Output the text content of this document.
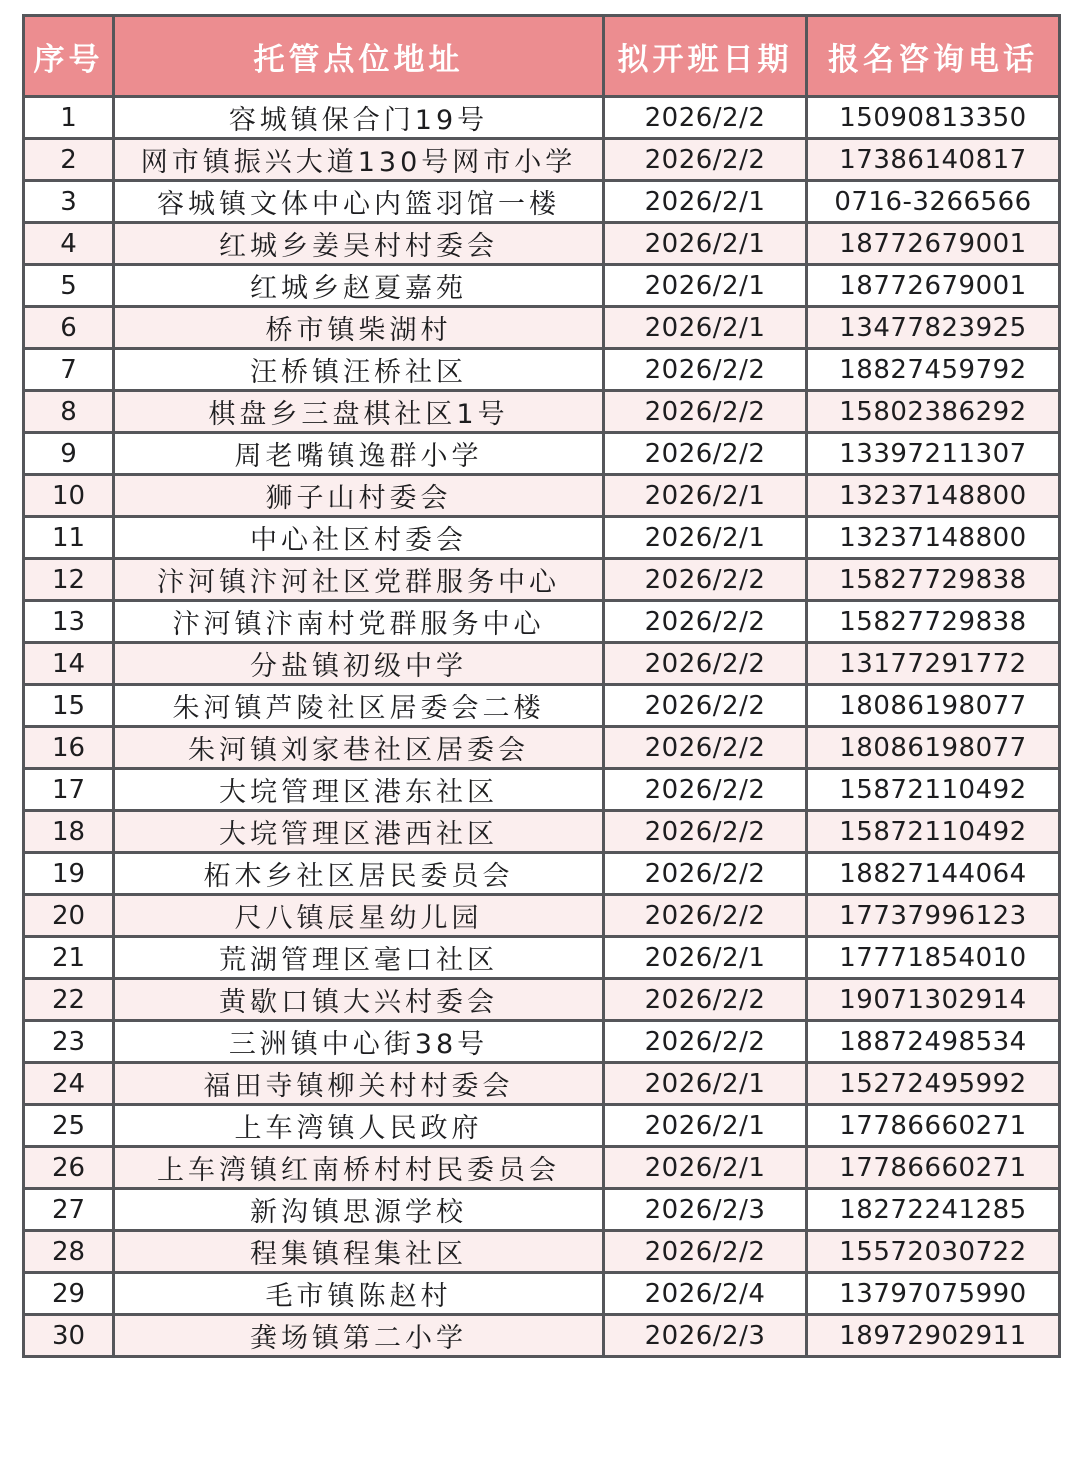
序号	托管点位地址	拟开班日期	报名咨询电话
1	容城镇保合门19号	2026/2/2	15090813350
2	网市镇振兴大道130号网市小学	2026/2/2	17386140817
3	容城镇文体中心内篮羽馆一楼	2026/2/1	0716-3266566
4	红城乡姜吴村村委会	2026/2/1	18772679001
5	红城乡赵夏嘉苑	2026/2/1	18772679001
6	桥市镇柴湖村	2026/2/1	13477823925
7	汪桥镇汪桥社区	2026/2/2	18827459792
8	棋盘乡三盘棋社区1号	2026/2/2	15802386292
9	周老嘴镇逸群小学	2026/2/2	13397211307
10	狮子山村委会	2026/2/1	13237148800
11	中心社区村委会	2026/2/1	13237148800
12	汴河镇汴河社区党群服务中心	2026/2/2	15827729838
13	汴河镇汴南村党群服务中心	2026/2/2	15827729838
14	分盐镇初级中学	2026/2/2	13177291772
15	朱河镇芦陵社区居委会二楼	2026/2/2	18086198077
16	朱河镇刘家巷社区居委会	2026/2/2	18086198077
17	大垸管理区港东社区	2026/2/2	15872110492
18	大垸管理区港西社区	2026/2/2	15872110492
19	柘木乡社区居民委员会	2026/2/2	18827144064
20	尺八镇辰星幼儿园	2026/2/2	17737996123
21	荒湖管理区毫口社区	2026/2/1	17771854010
22	黄歇口镇大兴村委会	2026/2/2	19071302914
23	三洲镇中心街38号	2026/2/2	18872498534
24	福田寺镇柳关村村委会	2026/2/1	15272495992
25	上车湾镇人民政府	2026/2/1	17786660271
26	上车湾镇红南桥村村民委员会	2026/2/1	17786660271
27	新沟镇思源学校	2026/2/3	18272241285
28	程集镇程集社区	2026/2/2	15572030722
29	毛市镇陈赵村	2026/2/4	13797075990
30	龚场镇第二小学	2026/2/3	18972902911
